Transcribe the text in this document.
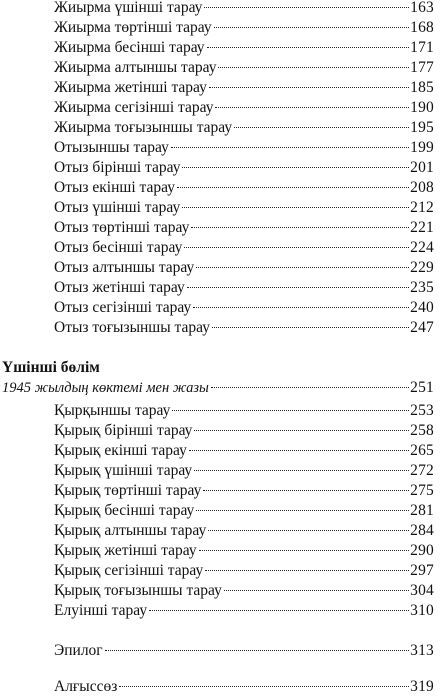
Жиырма үшінші тарау	163
Жиырма төртінші тарау	168
Жиырма бесінші тарау	171
Жиырма алтыншы тарау	177
Жиырма жетінші тарау	185
Жиырма сегізінші тарау	190
Жиырма тоғызыншы тарау	195
Отызыншы тарау	199
Отыз бірінші тарау	201
Отыз екінші тарау	208
Отыз үшінші тарау	212
Отыз төртінші тарау	221
Отыз бесінші тарау	224
Отыз алтыншы тарау	229
Отыз жетінші тарау	235
Отыз сегізінші тарау	240
Отыз тоғызыншы тарау	247
Үшінші бөлім
1945 жылдың көктемі мен жазы	251
Қырқыншы тарау	253
Қырық бірінші тарау	258
Қырық екінші тарау	265
Қырық үшінші тарау	272
Қырық төртінші тарау	275
Қырық бесінші тарау	281
Қырық алтыншы тарау	284
Қырық жетінші тарау	290
Қырық сегізінші тарау	297
Қырық тоғызыншы тарау	304
Елуінші тарау	310
Эпилог	313
Алғыссөз	319
